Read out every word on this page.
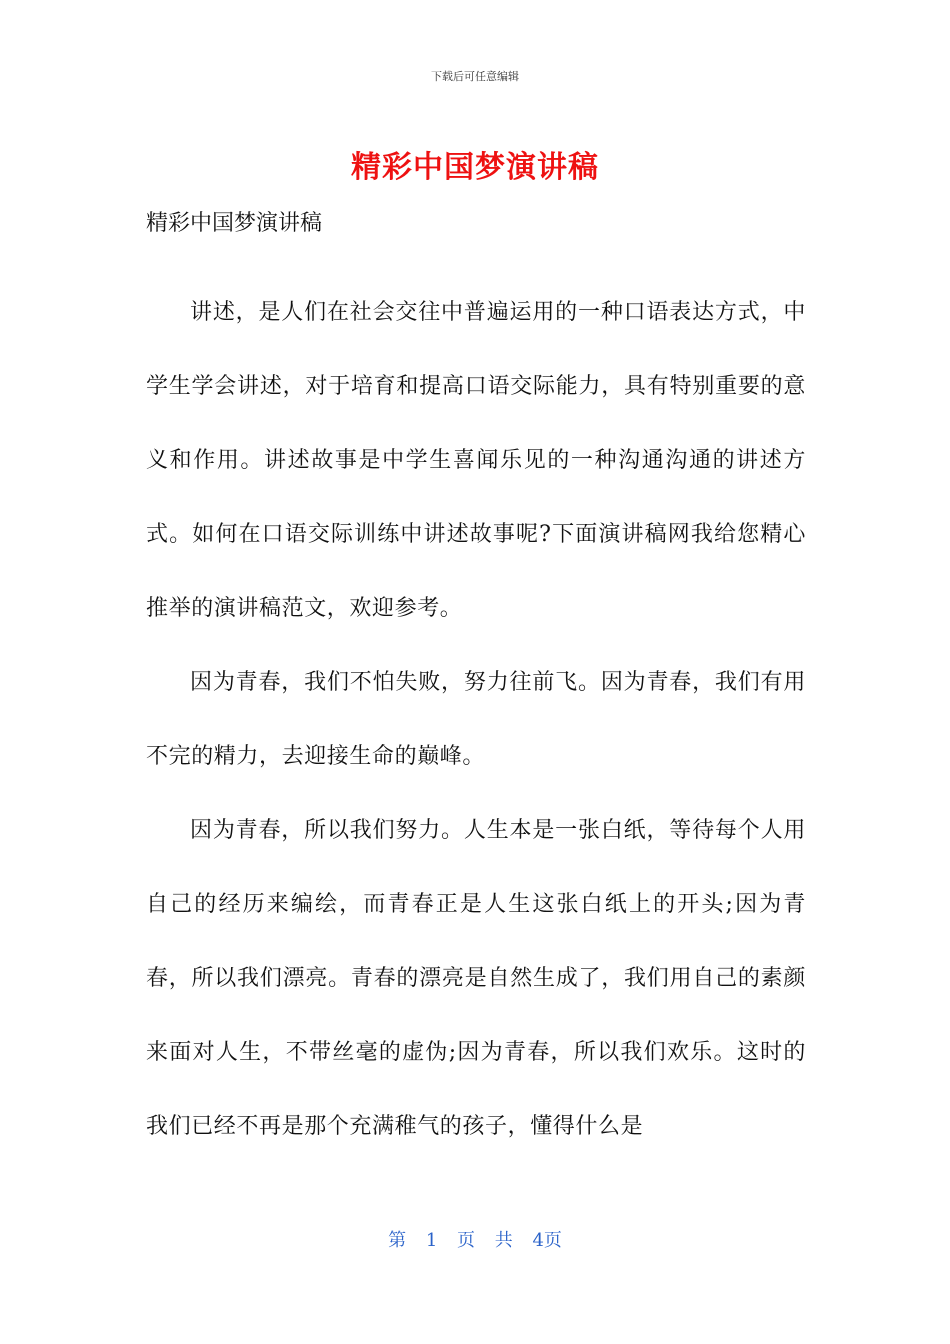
下载后可任意编辑
精彩中国梦演讲稿
精彩中国梦演讲稿

讲述，是人们在社会交往中普遍运用的一种口语表达方式，中学生学会讲述，对于培育和提高口语交际能力，具有特别重要的意义和作用。讲述故事是中学生喜闻乐见的一种沟通沟通的讲述方式。如何在口语交际训练中讲述故事呢?下面演讲稿网我给您精心推举的演讲稿范文，欢迎参考。

因为青春，我们不怕失败，努力往前飞。因为青春，我们有用不完的精力，去迎接生命的巅峰。

因为青春，所以我们努力。人生本是一张白纸，等待每个人用自己的经历来编绘，而青春正是人生这张白纸上的开头;因为青春，所以我们漂亮。青春的漂亮是自然生成了，我们用自己的素颜来面对人生，不带丝毫的虚伪;因为青春，所以我们欢乐。这时的我们已经不再是那个充满稚气的孩子，懂得什么是

第 1 页 共 4页
